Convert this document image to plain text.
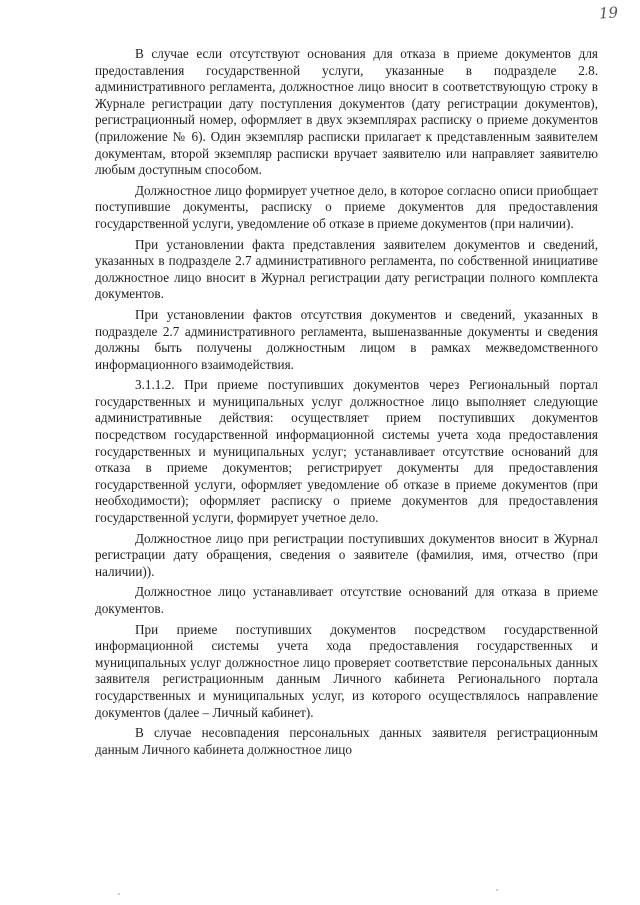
19

В случае если отсутствуют основания для отказа в приеме документов для предоставления государственной услуги, указанные в подразделе 2.8. административного регламента, должностное лицо вносит в соответствующую строку в Журнале регистрации дату поступления документов (дату регистрации документов), регистрационный номер, оформляет в двух экземплярах расписку о приеме документов (приложение № 6). Один экземпляр расписки прилагает к представленным заявителем документам, второй экземпляр расписки вручает заявителю или направляет заявителю любым доступным способом.

Должностное лицо формирует учетное дело, в которое согласно описи приобщает поступившие документы, расписку о приеме документов для предоставления государственной услуги, уведомление об отказе в приеме документов (при наличии).

При установлении факта представления заявителем документов и сведений, указанных в подразделе 2.7 административного регламента, по собственной инициативе должностное лицо вносит в Журнал регистрации дату регистрации полного комплекта документов.

При установлении фактов отсутствия документов и сведений, указанных в подразделе 2.7 административного регламента, вышеназванные документы и сведения должны быть получены должностным лицом в рамках межведомственного информационного взаимодействия.

3.1.1.2. При приеме поступивших документов через Региональный портал государственных и муниципальных услуг должностное лицо выполняет следующие административные действия: осуществляет прием поступивших документов посредством государственной информационной системы учета хода предоставления государственных и муниципальных услуг; устанавливает отсутствие оснований для отказа в приеме документов; регистрирует документы для предоставления государственной услуги, оформляет уведомление об отказе в приеме документов (при необходимости); оформляет расписку о приеме документов для предоставления государственной услуги, формирует учетное дело.

Должностное лицо при регистрации поступивших документов вносит в Журнал регистрации дату обращения, сведения о заявителе (фамилия, имя, отчество (при наличии)).

Должностное лицо устанавливает отсутствие оснований для отказа в приеме документов.

При приеме поступивших документов посредством государственной информационной системы учета хода предоставления государственных и муниципальных услуг должностное лицо проверяет соответствие персональных данных заявителя регистрационным данным Личного кабинета Регионального портала государственных и муниципальных услуг, из которого осуществлялось направление документов (далее – Личный кабинет).

В случае несовпадения персональных данных заявителя регистрационным данным Личного кабинета должностное лицо
